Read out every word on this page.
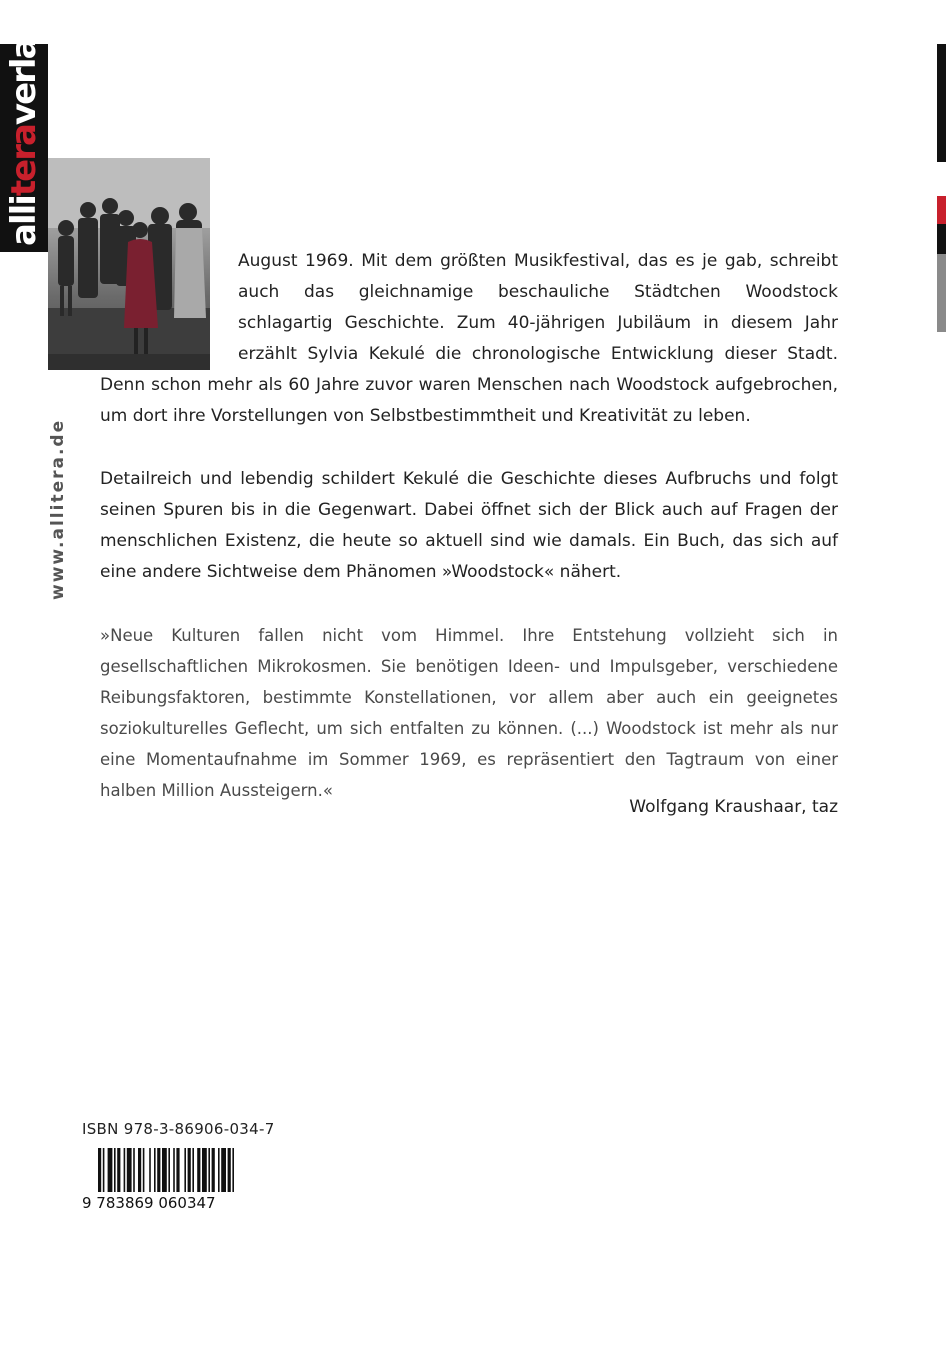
alliteraverlag
www.allitera.de

August 1969. Mit dem größten Musikfestival, das es je gab, schreibt auch das gleichnamige beschauliche Städtchen Woodstock schlagartig Geschichte. Zum 40-jährigen Jubiläum in diesem Jahr erzählt Sylvia Kekulé die chronologische Entwicklung dieser Stadt. Denn schon mehr als 60 Jahre zuvor waren Menschen nach Woodstock aufgebrochen, um dort ihre Vorstellungen von Selbstbestimmtheit und Kreativität zu leben.

Detailreich und lebendig schildert Kekulé die Geschichte dieses Aufbruchs und folgt seinen Spuren bis in die Gegenwart. Dabei öffnet sich der Blick auch auf Fragen der menschlichen Existenz, die heute so aktuell sind wie damals. Ein Buch, das sich auf eine andere Sichtweise dem Phänomen »Woodstock« nähert.

»Neue Kulturen fallen nicht vom Himmel. Ihre Entstehung vollzieht sich in gesellschaftlichen Mikrokosmen. Sie benötigen Ideen- und Impulsgeber, verschiedene Reibungsfaktoren, bestimmte Konstellationen, vor allem aber auch ein geeignetes soziokulturelles Geflecht, um sich entfalten zu können. (...) Woodstock ist mehr als nur eine Momentaufnahme im Sommer 1969, es repräsentiert den Tagtraum von einer halben Million Aussteigern.«

Wolfgang Kraushaar, taz
ISBN 978-3-86906-034-7
9 783869 060347
